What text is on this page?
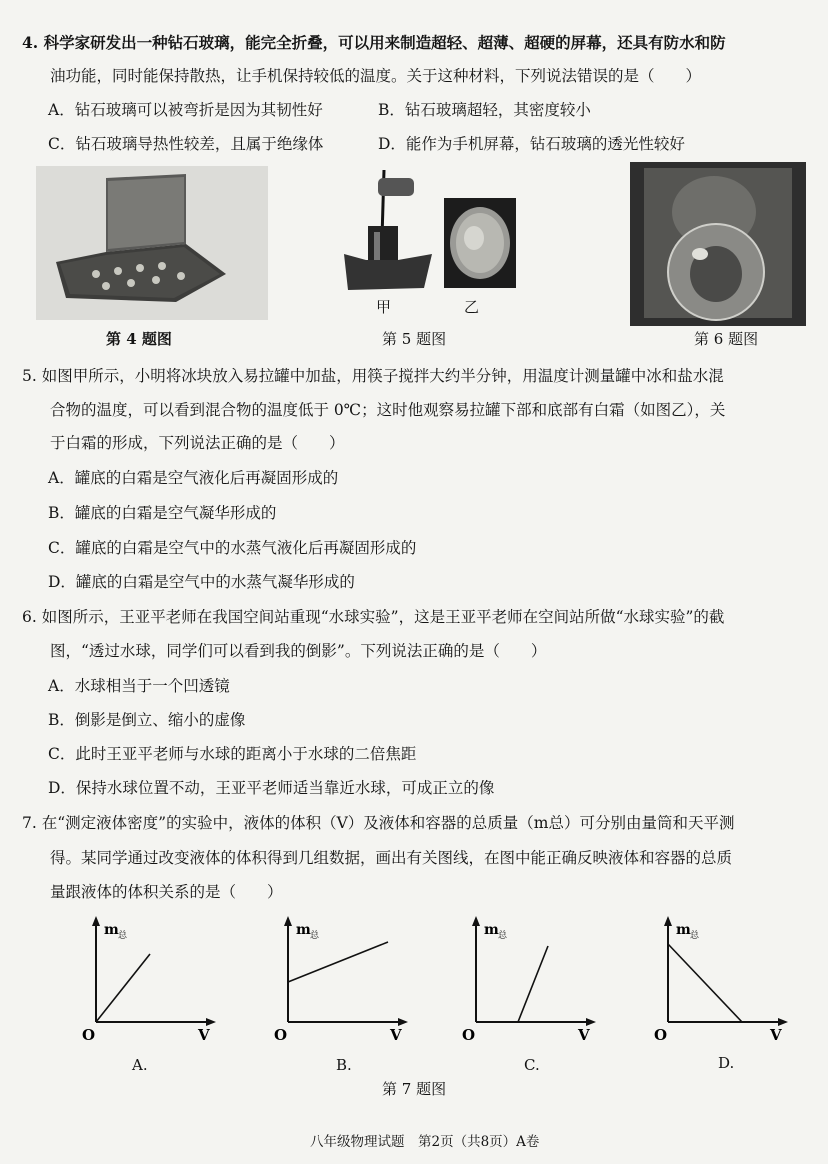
4. 科学家研发出一种钻石玻璃，能完全折叠，可以用来制造超轻、超薄、超硬的屏幕，还具有防水和防
油功能，同时能保持散热，让手机保持较低的温度。关于这种材料，下列说法错误的是（　　）
A．钻石玻璃可以被弯折是因为其韧性好	B．钻石玻璃超轻，其密度较小
C．钻石玻璃导热性较差，且属于绝缘体	D．能作为手机屏幕，钻石玻璃的透光性较好
第 4 题图
甲	乙
第 5 题图	第 6 题图
5. 如图甲所示，小明将冰块放入易拉罐中加盐，用筷子搅拌大约半分钟，用温度计测量罐中冰和盐水混
合物的温度，可以看到混合物的温度低于 0℃；这时他观察易拉罐下部和底部有白霜（如图乙），关
于白霜的形成，下列说法正确的是（　　）
A．罐底的白霜是空气液化后再凝固形成的
B．罐底的白霜是空气凝华形成的
C．罐底的白霜是空气中的水蒸气液化后再凝固形成的
D．罐底的白霜是空气中的水蒸气凝华形成的
6. 如图所示，王亚平老师在我国空间站重现“水球实验”，这是王亚平老师在空间站所做“水球实验”的截
图，“透过水球，同学们可以看到我的倒影”。下列说法正确的是（　　）
A．水球相当于一个凹透镜
B．倒影是倒立、缩小的虚像
C．此时王亚平老师与水球的距离小于水球的二倍焦距
D．保持水球位置不动，王亚平老师适当靠近水球，可成正立的像
7. 在“测定液体密度”的实验中，液体的体积（V）及液体和容器的总质量（m总）可分别由量筒和天平测
得。某同学通过改变液体的体积得到几组数据，画出有关图线，在图中能正确反映液体和容器的总质
量跟液体的体积关系的是（　　）
m 总
O	V
A.
m 总
O	V
B.
m 总
O	V
C.
m 总
O	V
D.
第 7 题图
八年级物理试题　第2页（共8页）A卷
